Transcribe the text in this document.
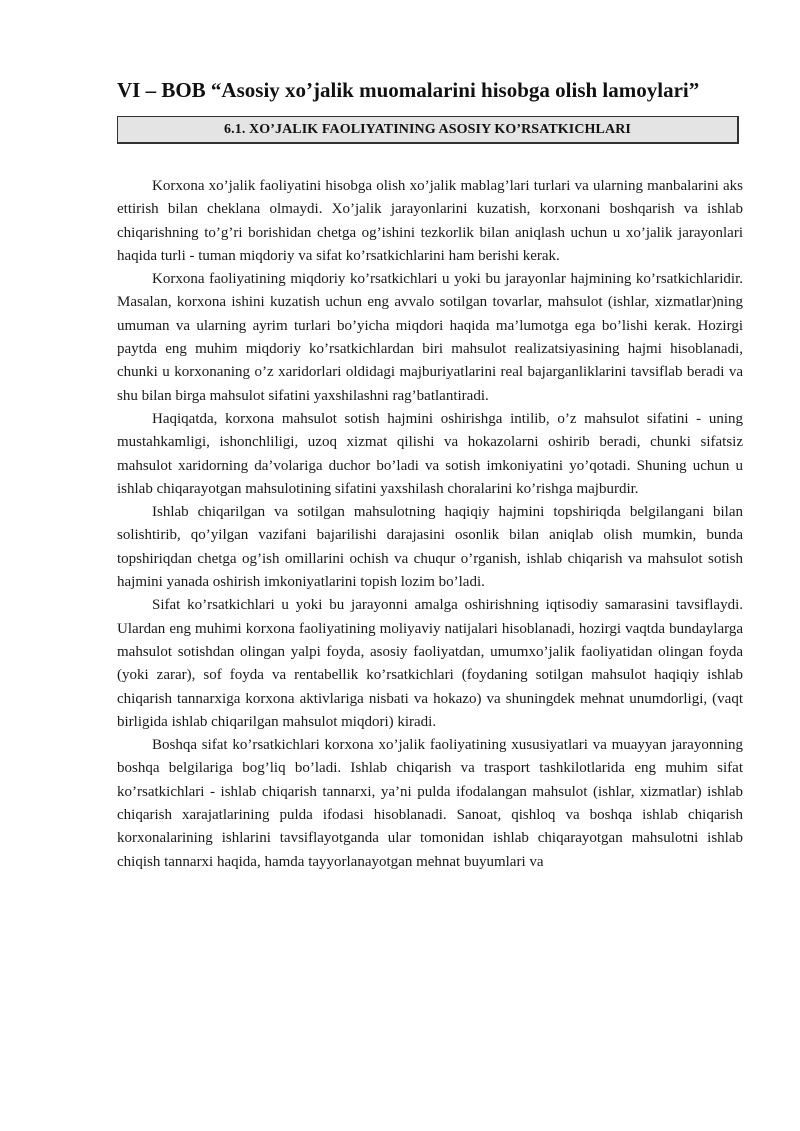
VI – BOB “Asosiy xo’jalik muomalarini hisobga olish lamoylari”
6.1. XO’JALIK FAOLIYATINING ASOSIY KO’RSATKICHLARI

Korxona xo’jalik faoliyatini hisobga olish xo’jalik mablag’lari turlari va ularning manbalarini aks ettirish bilan cheklana olmaydi. Xo’jalik jarayonlarini kuzatish, korxonani boshqarish va ishlab chiqarishning to’g’ri borishidan chetga og’ishini tezkorlik bilan aniqlash uchun u xo’jalik jarayonlari haqida turli - tuman miqdoriy va sifat ko’rsatkichlarini ham berishi kerak.

Korxona faoliyatining miqdoriy ko’rsatkichlari u yoki bu jarayonlar hajmining ko’rsatkichlaridir. Masalan, korxona ishini kuzatish uchun eng avvalo sotilgan tovarlar, mahsulot (ishlar, xizmatlar)ning umuman va ularning ayrim turlari bo’yicha miqdori haqida ma’lumotga ega bo’lishi kerak. Hozirgi paytda eng muhim miqdoriy ko’rsatkichlardan biri mahsulot realizatsiyasining hajmi hisoblanadi, chunki u korxonaning o’z xaridorlari oldidagi majburiyatlarini real bajarganliklarini tavsiflab beradi va shu bilan birga mahsulot sifatini yaxshilashni rag’batlantiradi.

Haqiqatda, korxona mahsulot sotish hajmini oshirishga intilib, o’z mahsulot sifatini - uning mustahkamligi, ishonchliligi, uzoq xizmat qilishi va hokazolarni oshirib beradi, chunki sifatsiz mahsulot xaridorning da’volariga duchor bo’ladi va sotish imkoniyatini yo’qotadi. Shuning uchun u ishlab chiqarayotgan mahsulotining sifatini yaxshilash choralarini ko’rishga majburdir.

Ishlab chiqarilgan va sotilgan mahsulotning haqiqiy hajmini topshiriqda belgilangani bilan solishtirib, qo’yilgan vazifani bajarilishi darajasini osonlik bilan aniqlab olish mumkin, bunda topshiriqdan chetga og’ish omillarini ochish va chuqur o’rganish, ishlab chiqarish va mahsulot sotish hajmini yanada oshirish imkoniyatlarini topish lozim bo’ladi.

Sifat ko’rsatkichlari u yoki bu jarayonni amalga oshirishning iqtisodiy samarasini tavsiflaydi. Ulardan eng muhimi korxona faoliyatining moliyaviy natijalari hisoblanadi, hozirgi vaqtda bundaylarga mahsulot sotishdan olingan yalpi foyda, asosiy faoliyatdan, umumxo’jalik faoliyatidan olingan foyda (yoki zarar), sof foyda va rentabellik ko’rsatkichlari (foydaning sotilgan mahsulot haqiqiy ishlab chiqarish tannarxiga korxona aktivlariga nisbati va hokazo) va shuningdek mehnat unumdorligi, (vaqt birligida ishlab chiqarilgan mahsulot miqdori) kiradi.

Boshqa sifat ko’rsatkichlari korxona xo’jalik faoliyatining xususiyatlari va muayyan jarayonning boshqa belgilariga bog’liq bo’ladi. Ishlab chiqarish va trasport tashkilotlarida eng muhim sifat ko’rsatkichlari - ishlab chiqarish tannarxi, ya’ni pulda ifodalangan mahsulot (ishlar, xizmatlar) ishlab chiqarish xarajatlarining pulda ifodasi hisoblanadi. Sanoat, qishloq va boshqa ishlab chiqarish korxonalarining ishlarini tavsiflayotganda ular tomonidan ishlab chiqarayotgan mahsulotni ishlab chiqish tannarxi haqida, hamda tayyorlanayotgan mehnat buyumlari va
